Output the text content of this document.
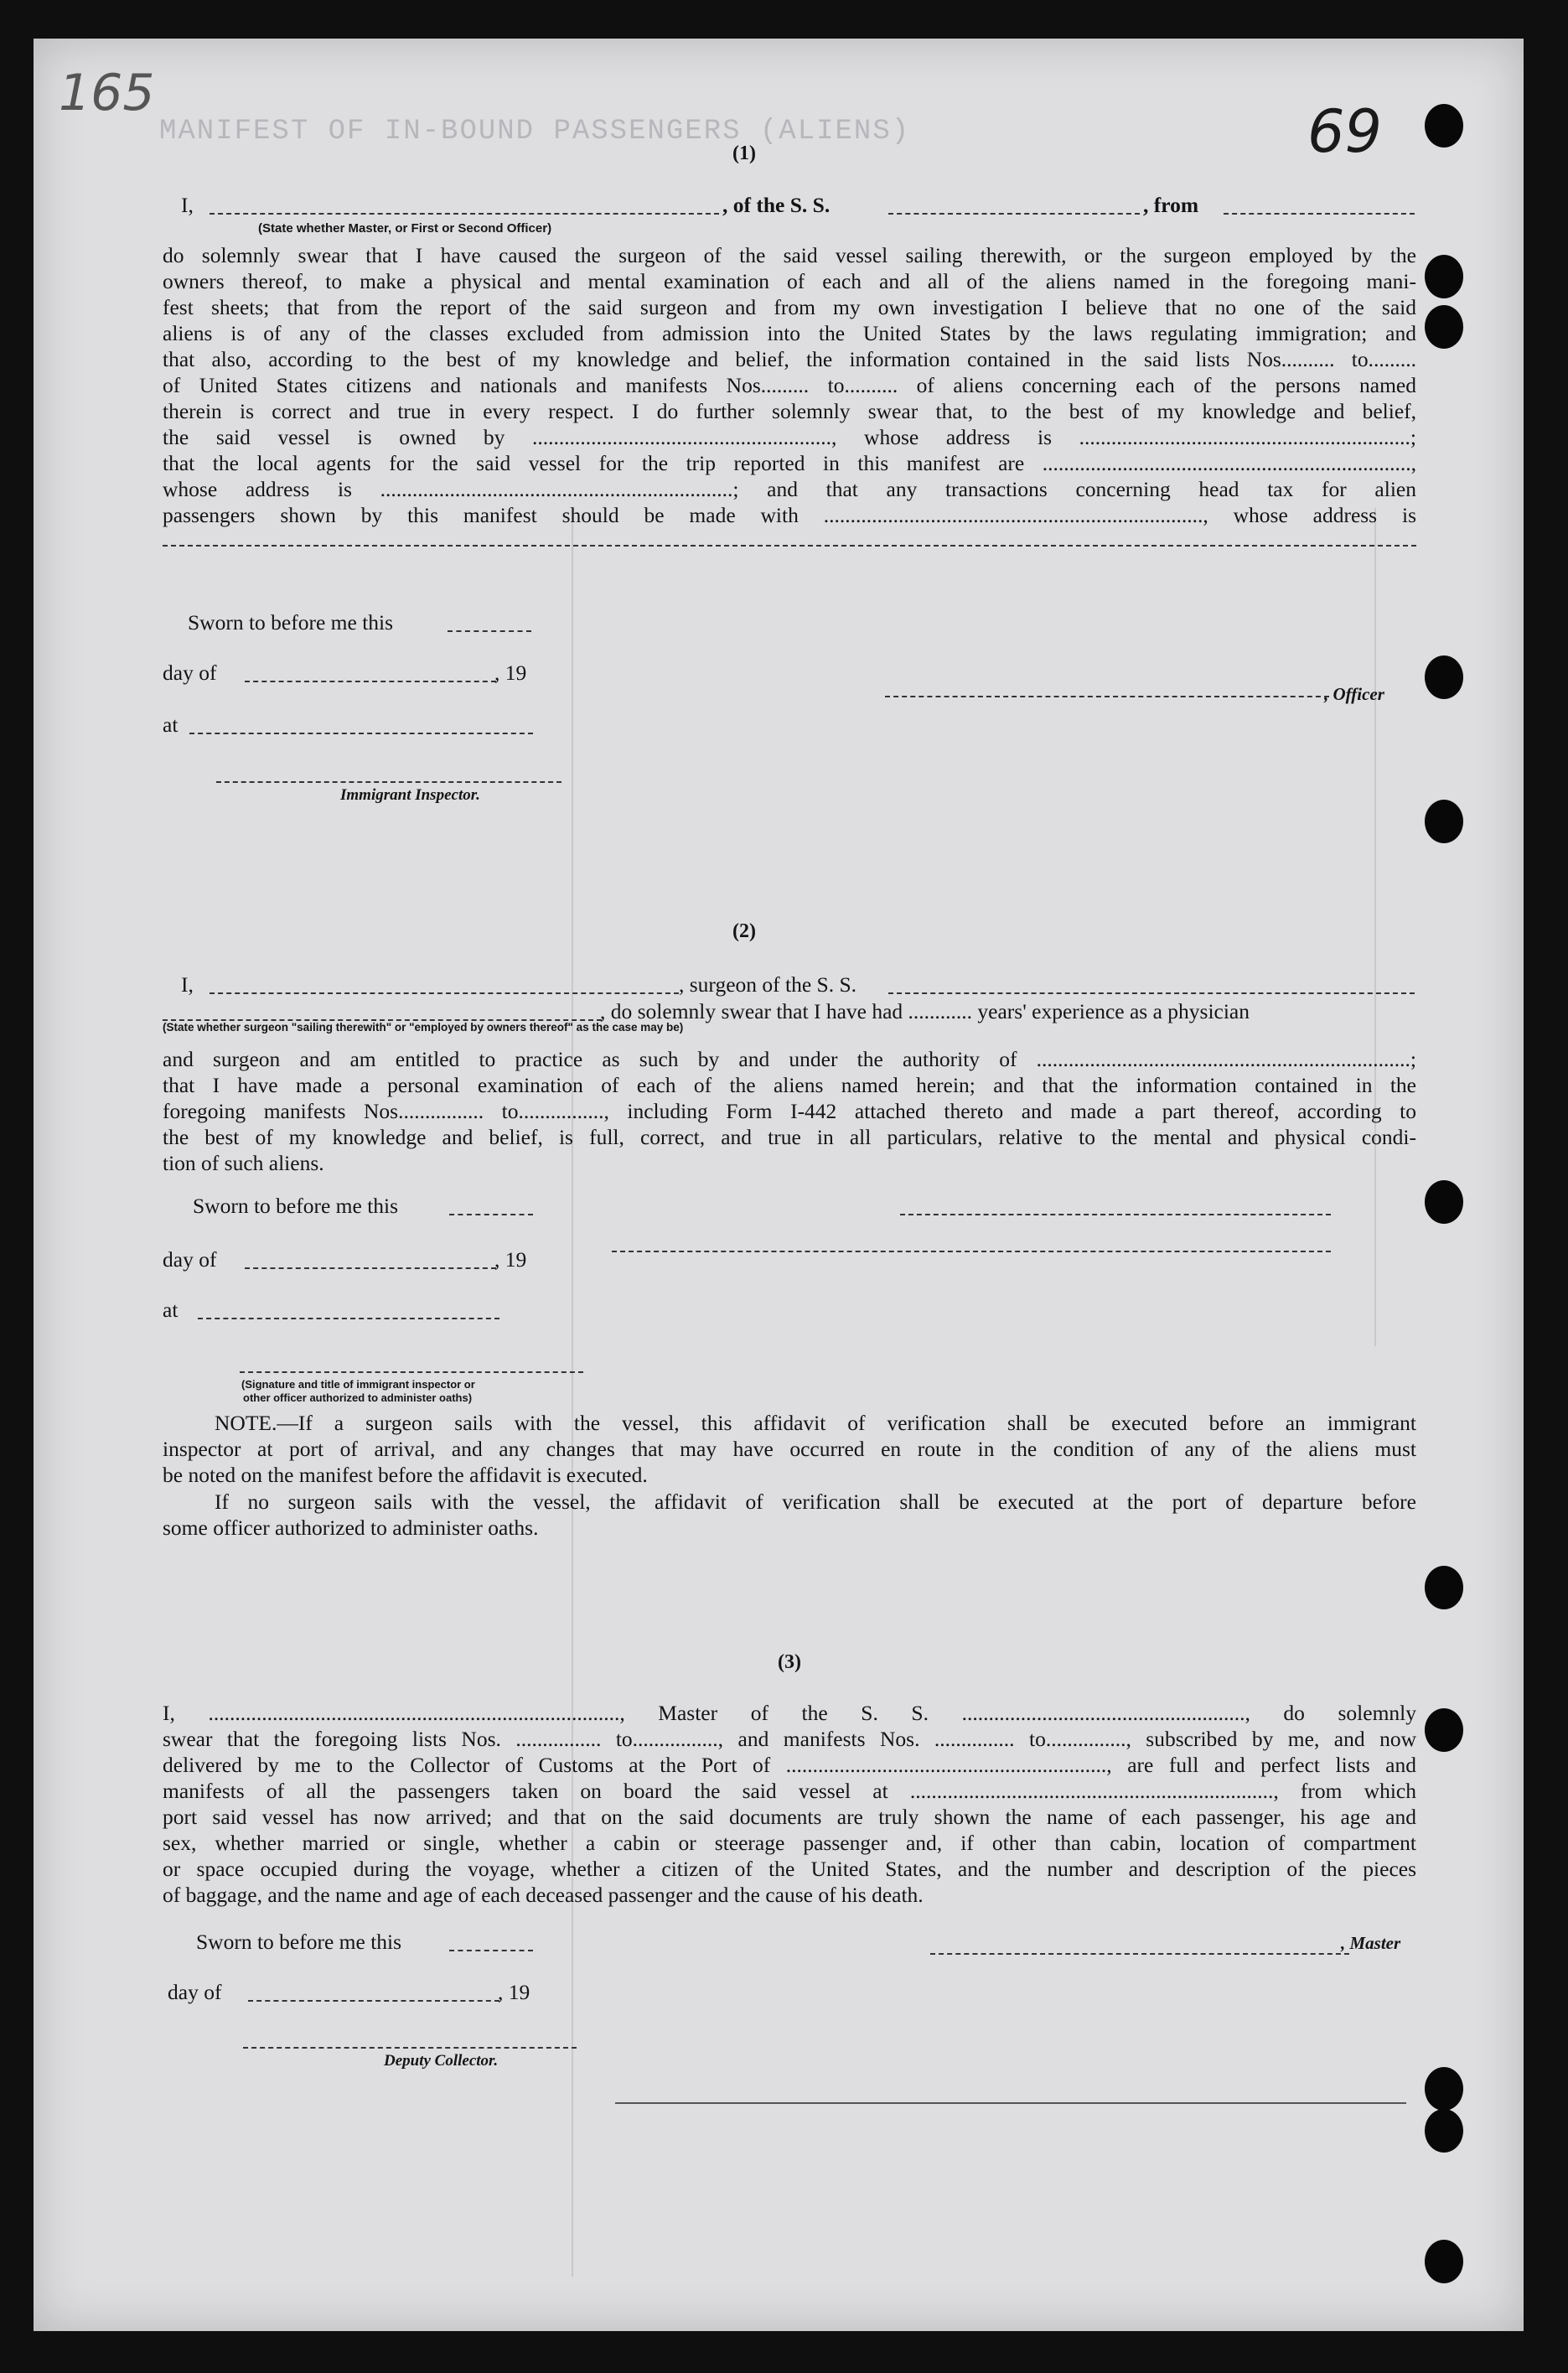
MANIFEST OF IN-BOUND PASSENGERS (ALIENS)	69
165
(1)
I,	, of the S. S.	, from
(State whether Master, or First or Second Officer)
do solemnly swear that I have caused the surgeon of the said vessel sailing therewith, or the surgeon employed by the
owners thereof, to make a physical and mental examination of each and all of the aliens named in the foregoing mani-
fest sheets; that from the report of the said surgeon and from my own investigation I believe that no one of the said
aliens is of any of the classes excluded from admission into the United States by the laws regulating immigration; and
that also, according to the best of my knowledge and belief, the information contained in the said lists Nos.......... to.........
of United States citizens and nationals and manifests Nos......... to.......... of aliens concerning each of the persons named
therein is correct and true in every respect. I do further solemnly swear that, to the best of my knowledge and belief,
the said vessel is owned by ........................................................, whose address is ..............................................................;
that the local agents for the said vessel for the trip reported in this manifest are .....................................................................,
whose address is ..................................................................; and that any transactions concerning head tax for alien
passengers shown by this manifest should be made with ......................................................................., whose address is
Sworn to before me this
day of	, 19
at
, Officer
Immigrant Inspector.
(2)
I,	, surgeon of the S. S.
, do solemnly swear that I have had ............ years' experience as a physician
(State whether surgeon "sailing therewith" or "employed by owners thereof" as the case may be)
and surgeon and am entitled to practice as such by and under the authority of ......................................................................;
that I have made a personal examination of each of the aliens named herein; and that the information contained in the
foregoing manifests Nos................ to................, including Form I-442 attached thereto and made a part thereof, according to
the best of my knowledge and belief, is full, correct, and true in all particulars, relative to the mental and physical condi-
tion of such aliens.
Sworn to before me this
day of	, 19
at
(Signature and title of immigrant inspector or
other officer authorized to administer oaths)
NOTE.—If a surgeon sails with the vessel, this affidavit of verification shall be executed before an immigrant
inspector at port of arrival, and any changes that may have occurred en route in the condition of any of the aliens must
be noted on the manifest before the affidavit is executed.
If no surgeon sails with the vessel, the affidavit of verification shall be executed at the port of departure before
some officer authorized to administer oaths.
(3)
I, ............................................................................., Master of the S. S. ....................................................., do solemnly
swear that the foregoing lists Nos. ................ to................, and manifests Nos. ............... to..............., subscribed by me, and now
delivered by me to the Collector of Customs at the Port of ............................................................, are full and perfect lists and
manifests of all the passengers taken on board the said vessel at ...................................................................., from which
port said vessel has now arrived; and that on the said documents are truly shown the name of each passenger, his age and
sex, whether married or single, whether a cabin or steerage passenger and, if other than cabin, location of compartment
or space occupied during the voyage, whether a citizen of the United States, and the number and description of the pieces
of baggage, and the name and age of each deceased passenger and the cause of his death.
Sworn to before me this	, Master
day of	, 19
Deputy Collector.
